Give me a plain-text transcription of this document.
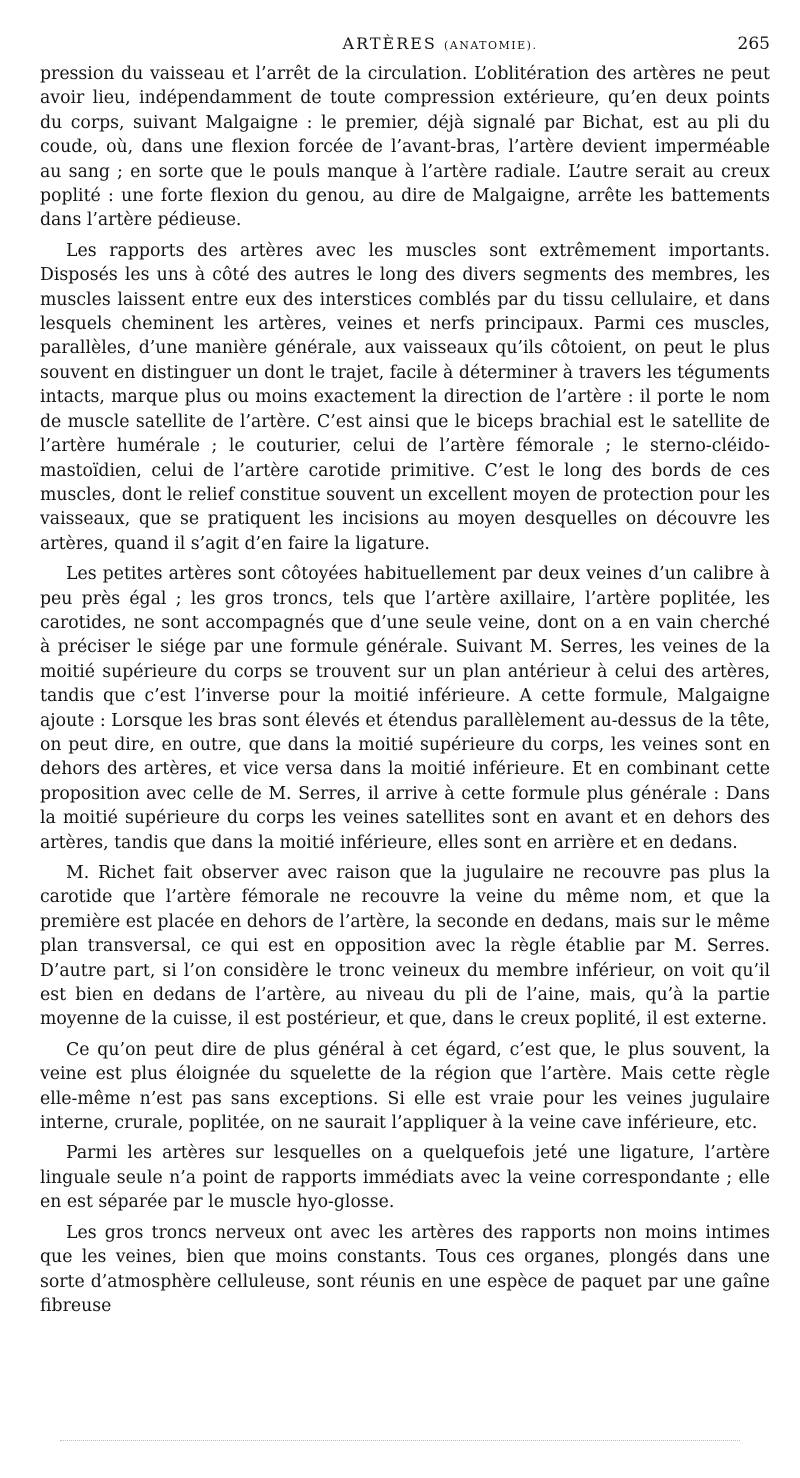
ARTÈRES (ANATOMIE).	265

pression du vaisseau et l’arrêt de la circulation. L’oblitération des artères ne peut avoir lieu, indépendamment de toute compression extérieure, qu’en deux points du corps, suivant Malgaigne : le premier, déjà signalé par Bichat, est au pli du coude, où, dans une flexion forcée de l’avant-bras, l’artère devient imperméable au sang ; en sorte que le pouls manque à l’artère radiale. L’autre serait au creux poplité : une forte flexion du genou, au dire de Malgaigne, arrête les battements dans l’artère pédieuse.

Les rapports des artères avec les muscles sont extrêmement importants. Disposés les uns à côté des autres le long des divers segments des membres, les muscles laissent entre eux des interstices comblés par du tissu cellulaire, et dans lesquels cheminent les artères, veines et nerfs principaux. Parmi ces muscles, parallèles, d’une manière générale, aux vaisseaux qu’ils côtoient, on peut le plus souvent en distinguer un dont le trajet, facile à déterminer à travers les téguments intacts, marque plus ou moins exactement la direction de l’artère : il porte le nom de muscle satellite de l’artère. C’est ainsi que le biceps brachial est le satellite de l’artère humérale ; le couturier, celui de l’artère fémorale ; le sterno-cléido-mastoïdien, celui de l’artère carotide primitive. C’est le long des bords de ces muscles, dont le relief constitue souvent un excellent moyen de protection pour les vaisseaux, que se pratiquent les incisions au moyen desquelles on découvre les artères, quand il s’agit d’en faire la ligature.

Les petites artères sont côtoyées habituellement par deux veines d’un calibre à peu près égal ; les gros troncs, tels que l’artère axillaire, l’artère poplitée, les carotides, ne sont accompagnés que d’une seule veine, dont on a en vain cherché à préciser le siége par une formule générale. Suivant M. Serres, les veines de la moitié supérieure du corps se trouvent sur un plan antérieur à celui des artères, tandis que c’est l’inverse pour la moitié inférieure. A cette formule, Malgaigne ajoute : Lorsque les bras sont élevés et étendus parallèlement au-dessus de la tête, on peut dire, en outre, que dans la moitié supérieure du corps, les veines sont en dehors des artères, et vice versa dans la moitié inférieure. Et en combinant cette proposition avec celle de M. Serres, il arrive à cette formule plus générale : Dans la moitié supérieure du corps les veines satellites sont en avant et en dehors des artères, tandis que dans la moitié inférieure, elles sont en arrière et en dedans.

M. Richet fait observer avec raison que la jugulaire ne recouvre pas plus la carotide que l’artère fémorale ne recouvre la veine du même nom, et que la première est placée en dehors de l’artère, la seconde en dedans, mais sur le même plan transversal, ce qui est en opposition avec la règle établie par M. Serres. D’autre part, si l’on considère le tronc veineux du membre inférieur, on voit qu’il est bien en dedans de l’artère, au niveau du pli de l’aine, mais, qu’à la partie moyenne de la cuisse, il est postérieur, et que, dans le creux poplité, il est externe.

Ce qu’on peut dire de plus général à cet égard, c’est que, le plus souvent, la veine est plus éloignée du squelette de la région que l’artère. Mais cette règle elle-même n’est pas sans exceptions. Si elle est vraie pour les veines jugulaire interne, crurale, poplitée, on ne saurait l’appliquer à la veine cave inférieure, etc.

Parmi les artères sur lesquelles on a quelquefois jeté une ligature, l’artère linguale seule n’a point de rapports immédiats avec la veine correspondante ; elle en est séparée par le muscle hyo-glosse.

Les gros troncs nerveux ont avec les artères des rapports non moins intimes que les veines, bien que moins constants. Tous ces organes, plongés dans une sorte d’atmosphère celluleuse, sont réunis en une espèce de paquet par une gaîne fibreuse
